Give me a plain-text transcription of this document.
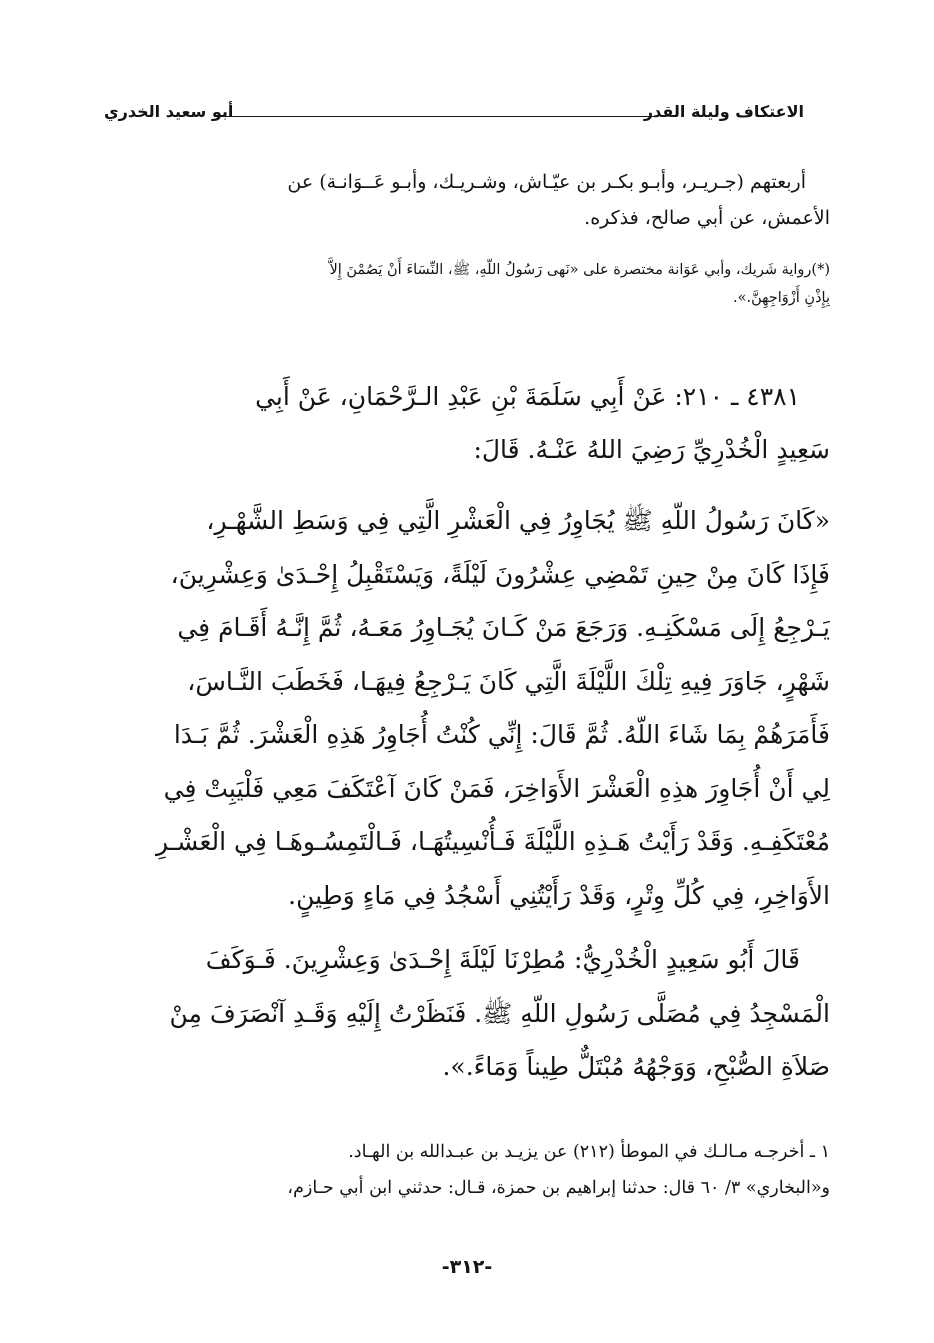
الاعتكاف وليلة القدر
أبو سعيد الخدري
أربعتهم (جـريـر، وأبـو بكـر بن عيّـاش، وشـريـك، وأبـو عَــوَانـة) عن
الأعمش، عن أبي صالح، فذكره.
(*)رواية شَريك، وأبي عَوَانة مختصرة على «نَهى رَسُولُ اللّهِ، ﷺ، النِّسَاءَ أَنْ يَصُمْنَ إِلاَّ
بِإِذْنِ أَزْوَاجِهِنَّ.».
٤٣٨١ ـ ٢١٠: عَنْ أَبِي سَلَمَةَ بْنِ عَبْدِ الـرَّحْمَانِ، عَنْ أَبِي
سَعِيدٍ الْخُدْرِيِّ رَضِيَ اللهُ عَنْـهُ. قَالَ:
«كَانَ رَسُولُ اللّهِ ﷺ يُجَاوِرُ فِي الْعَشْرِ الَّتِي فِي وَسَطِ الشَّهْـرِ،
فَإِذَا كَانَ مِنْ حِينِ تَمْضِي عِشْرُونَ لَيْلَةً، وَيَسْتَقْبِلُ إِحْـدَىٰ وَعِشْرِينَ،
يَـرْجِعُ إِلَى مَسْكَنِـهِ. وَرَجَعَ مَنْ كَـانَ يُجَـاوِرُ مَعَـهُ، ثُمَّ إِنَّـهُ أَقَـامَ فِي
شَهْرٍ، جَاوَرَ فِيهِ تِلْكَ اللَّيْلَةَ الَّتِي كَانَ يَـرْجِعُ فِيهَـا، فَخَطَبَ النَّـاسَ،
فَأَمَرَهُمْ بِمَا شَاءَ اللّهُ. ثُمَّ قَالَ: إِنِّي كُنْتُ أُجَاوِرُ هَذِهِ الْعَشْرَ. ثُمَّ بَـدَا
لِي أَنْ أُجَاوِرَ هذِهِ الْعَشْرَ الأَوَاخِرَ، فَمَنْ كَانَ آعْتَكَفَ مَعِي فَلْيَبِتْ فِي
مُعْتَكَفِـهِ. وَقَدْ رَأَيْتُ هَـذِهِ اللَّيْلَةَ فَـأُنْسِيتُهَـا، فَـالْتَمِسُـوهَـا فِي الْعَشْـرِ
الأَوَاخِرِ، فِي كُلِّ وِتْرٍ، وَقَدْ رَأَيْتُنِي أَسْجُدُ فِي مَاءٍ وَطِينٍ.
قَالَ أَبُو سَعِيدٍ الْخُدْرِيُّ: مُطِرْنَا لَيْلَةَ إِحْـدَىٰ وَعِشْرِينَ. فَـوَكَفَ
الْمَسْجِدُ فِي مُصَلَّى رَسُولِ اللّهِ ﷺ. فَنَظَرْتُ إِلَيْهِ وَقَـدِ آنْصَرَفَ مِنْ
صَلاَةِ الصُّبْحِ، وَوَجْهُهُ مُبْتَلٌّ طِيناً وَمَاءً.».
١ ـ أخرجـه مـالـك في الموطأ (٢١٢) عن يزيـد بن عبـدالله بن الهـاد.
و«البخاري» ٣/ ٦٠ قال: حدثنا إبراهيم بن حمزة، قـال: حدثني ابن أبي حـازم،
-٣١٢-
